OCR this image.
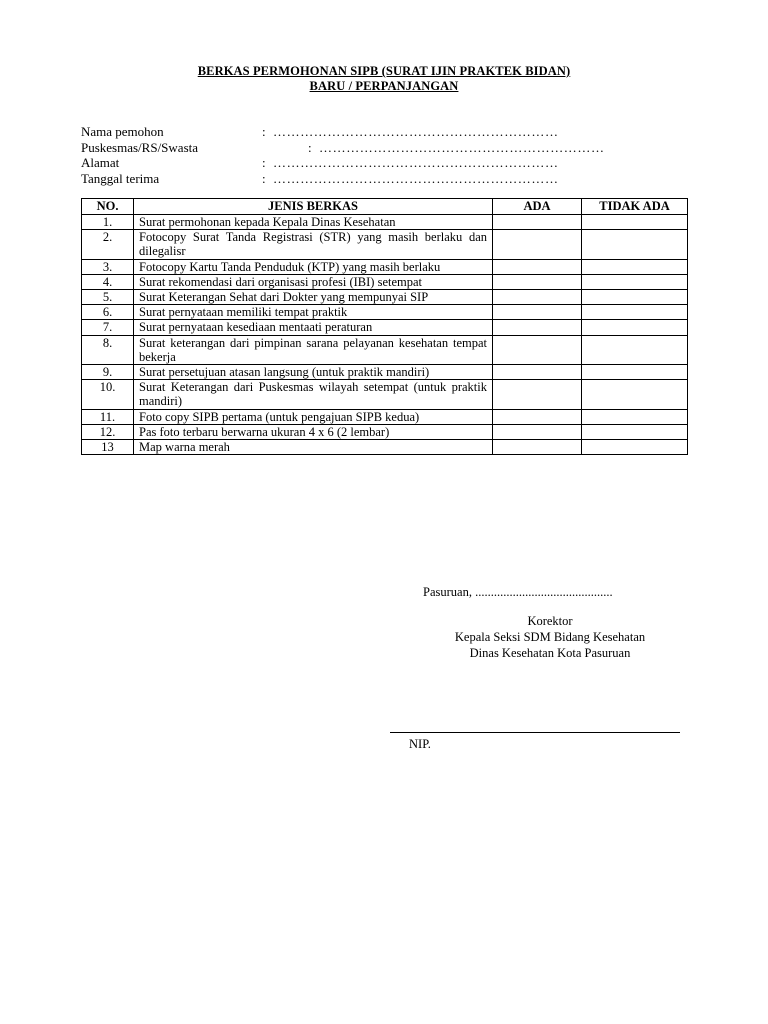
BERKAS PERMOHONAN SIPB (SURAT IJIN PRAKTEK BIDAN)
BARU / PERPANJANGAN
Nama pemohon	: ………………………………………………………
Puskesmas/RS/Swasta	: ………………………………………………………
Alamat	: ………………………………………………………
Tanggal terima	: ………………………………………………………
NO.	JENIS BERKAS	ADA	TIDAK ADA
1.	Surat permohonan kepada Kepala Dinas Kesehatan		

2.	Fotocopy Surat Tanda Registrasi (STR) yang masih berlaku dan dilegalisr		

3.	Fotocopy Kartu Tanda Penduduk (KTP) yang masih berlaku		

4.	Surat rekomendasi dari organisasi profesi (IBI) setempat		

5.	Surat Keterangan Sehat dari Dokter yang mempunyai SIP		

6.	Surat pernyataan memiliki tempat praktik		

7.	Surat pernyataan kesediaan mentaati peraturan		

8.	Surat keterangan dari pimpinan sarana pelayanan kesehatan tempat bekerja		

9.	Surat persetujuan atasan langsung (untuk praktik mandiri)		

10.	Surat Keterangan dari Puskesmas wilayah setempat (untuk praktik mandiri)		

11.	Foto copy SIPB pertama (untuk pengajuan SIPB kedua)		

12.	Pas foto terbaru berwarna ukuran 4 x 6 (2 lembar)		

13	Map warna merah		

Pasuruan, ............................................
Korektor
Kepala Seksi SDM Bidang Kesehatan
Dinas Kesehatan Kota Pasuruan
NIP.
